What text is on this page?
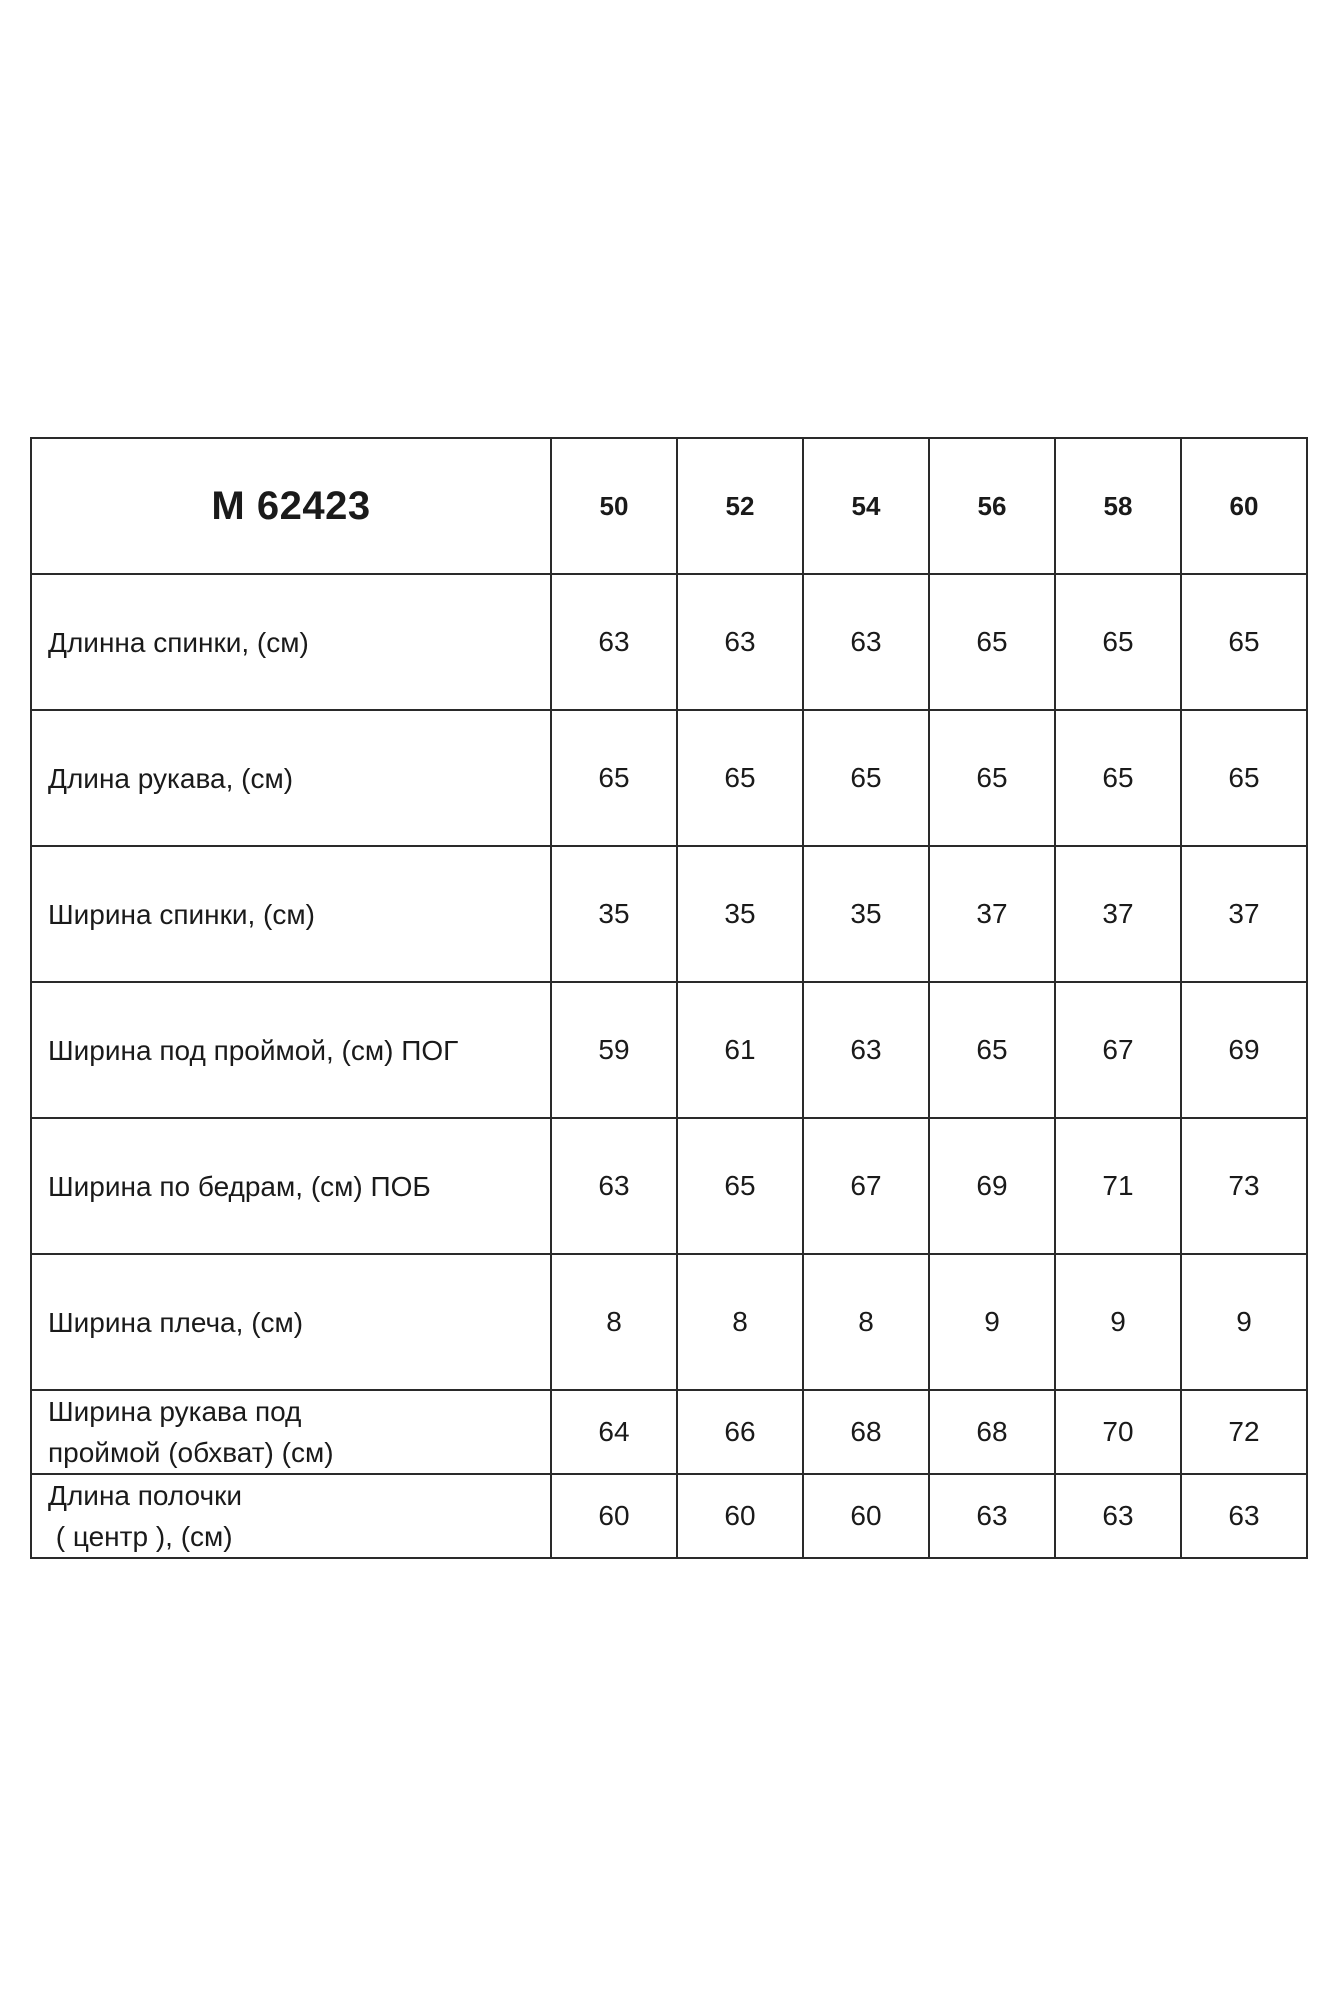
M 62423	50	52	54	56	58	60

Длинна спинки, (см)	63	63	63	65	65	65

Длина рукава, (см)	65	65	65	65	65	65

Ширина спинки, (см)	35	35	35	37	37	37

Ширина под проймой, (см) ПОГ	59	61	63	65	67	69

Ширина по бедрам, (см) ПОБ	63	65	67	69	71	73

Ширина плеча, (см)	8	8	8	9	9	9

Ширина рукава под
проймой (обхват) (см)	64	66	68	68	70	72

Длина полочки
( центр ), (см)	60	60	60	63	63	63
